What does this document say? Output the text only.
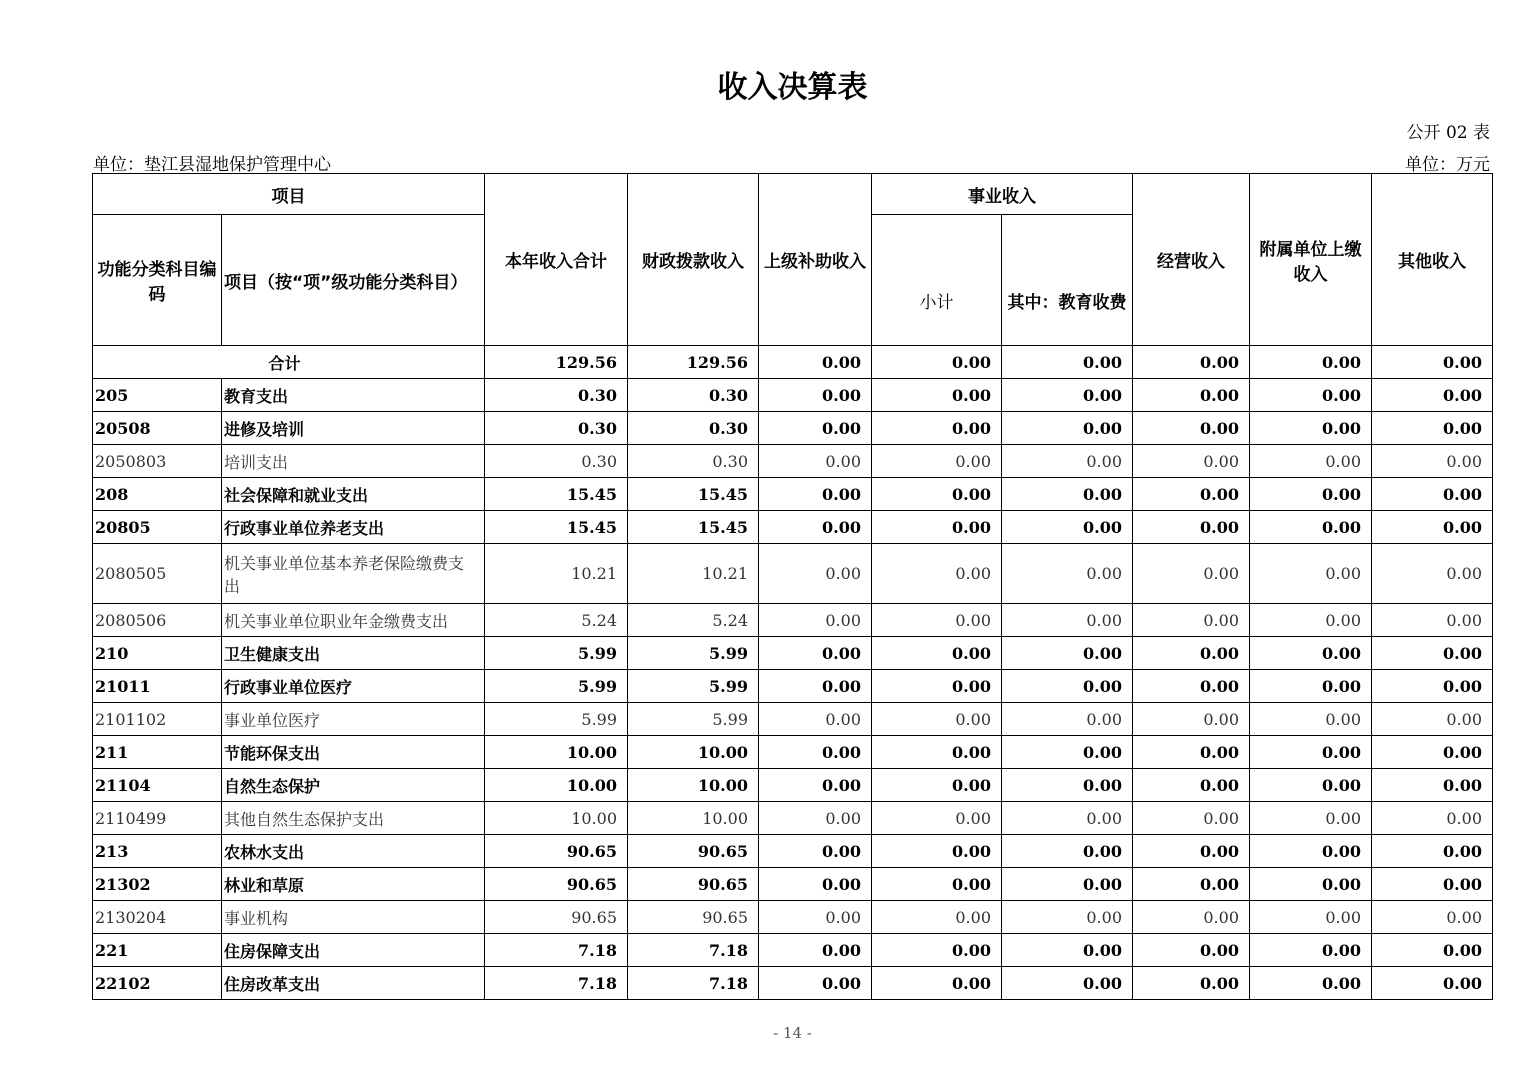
收入决算表
公开 02 表
单位：垫江县湿地保护管理中心	单位：万元
项目		本年收入合计	财政拨款收入	上级补助收入	事业收入		经营收入	附属单位上缴收入	其他收入
功能分类科目编码	项目（按“项”级功能分类科目）				小计	其中：教育收费			
合计		129.56	129.56	0.00	0.00	0.00	0.00	0.00	0.00
205	教育支出	0.30	0.30	0.00	0.00	0.00	0.00	0.00	0.00
20508	进修及培训	0.30	0.30	0.00	0.00	0.00	0.00	0.00	0.00
2050803	培训支出	0.30	0.30	0.00	0.00	0.00	0.00	0.00	0.00
208	社会保障和就业支出	15.45	15.45	0.00	0.00	0.00	0.00	0.00	0.00
20805	行政事业单位养老支出	15.45	15.45	0.00	0.00	0.00	0.00	0.00	0.00
2080505	机关事业单位基本养老保险缴费支出	10.21	10.21	0.00	0.00	0.00	0.00	0.00	0.00
2080506	机关事业单位职业年金缴费支出	5.24	5.24	0.00	0.00	0.00	0.00	0.00	0.00
210	卫生健康支出	5.99	5.99	0.00	0.00	0.00	0.00	0.00	0.00
21011	行政事业单位医疗	5.99	5.99	0.00	0.00	0.00	0.00	0.00	0.00
2101102	事业单位医疗	5.99	5.99	0.00	0.00	0.00	0.00	0.00	0.00
211	节能环保支出	10.00	10.00	0.00	0.00	0.00	0.00	0.00	0.00
21104	自然生态保护	10.00	10.00	0.00	0.00	0.00	0.00	0.00	0.00
2110499	其他自然生态保护支出	10.00	10.00	0.00	0.00	0.00	0.00	0.00	0.00
213	农林水支出	90.65	90.65	0.00	0.00	0.00	0.00	0.00	0.00
21302	林业和草原	90.65	90.65	0.00	0.00	0.00	0.00	0.00	0.00
2130204	事业机构	90.65	90.65	0.00	0.00	0.00	0.00	0.00	0.00
221	住房保障支出	7.18	7.18	0.00	0.00	0.00	0.00	0.00	0.00
22102	住房改革支出	7.18	7.18	0.00	0.00	0.00	0.00	0.00	0.00
- 14 -
